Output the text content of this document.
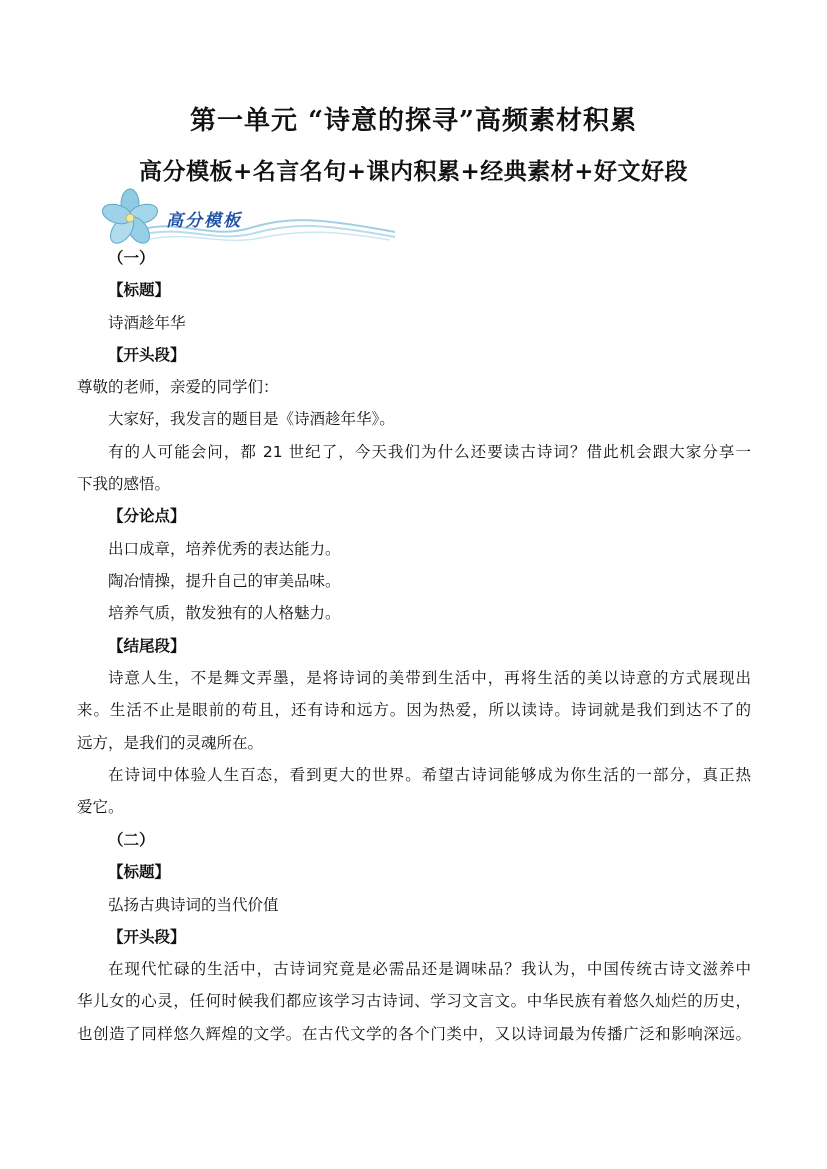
第一单元 “诗意的探寻”高频素材积累
高分模板+名言名句+课内积累+经典素材+好文好段
高分模板
（一）
【标题】
诗酒趁年华
【开头段】
尊敬的老师，亲爱的同学们：
大家好，我发言的题目是《诗酒趁年华》。
有的人可能会问，都 21 世纪了，今天我们为什么还要读古诗词？借此机会跟大家分享一
下我的感悟。
【分论点】
出口成章，培养优秀的表达能力。
陶冶情操，提升自己的审美品味。
培养气质，散发独有的人格魅力。
【结尾段】
诗意人生，不是舞文弄墨，是将诗词的美带到生活中，再将生活的美以诗意的方式展现出
来。生活不止是眼前的苟且，还有诗和远方。因为热爱，所以读诗。诗词就是我们到达不了的
远方，是我们的灵魂所在。
在诗词中体验人生百态，看到更大的世界。希望古诗词能够成为你生活的一部分，真正热
爱它。
（二）
【标题】
弘扬古典诗词的当代价值
【开头段】
在现代忙碌的生活中，古诗词究竟是必需品还是调味品？我认为，中国传统古诗文滋养中
华儿女的心灵，任何时候我们都应该学习古诗词、学习文言文。中华民族有着悠久灿烂的历史，
也创造了同样悠久辉煌的文学。在古代文学的各个门类中，又以诗词最为传播广泛和影响深远。
